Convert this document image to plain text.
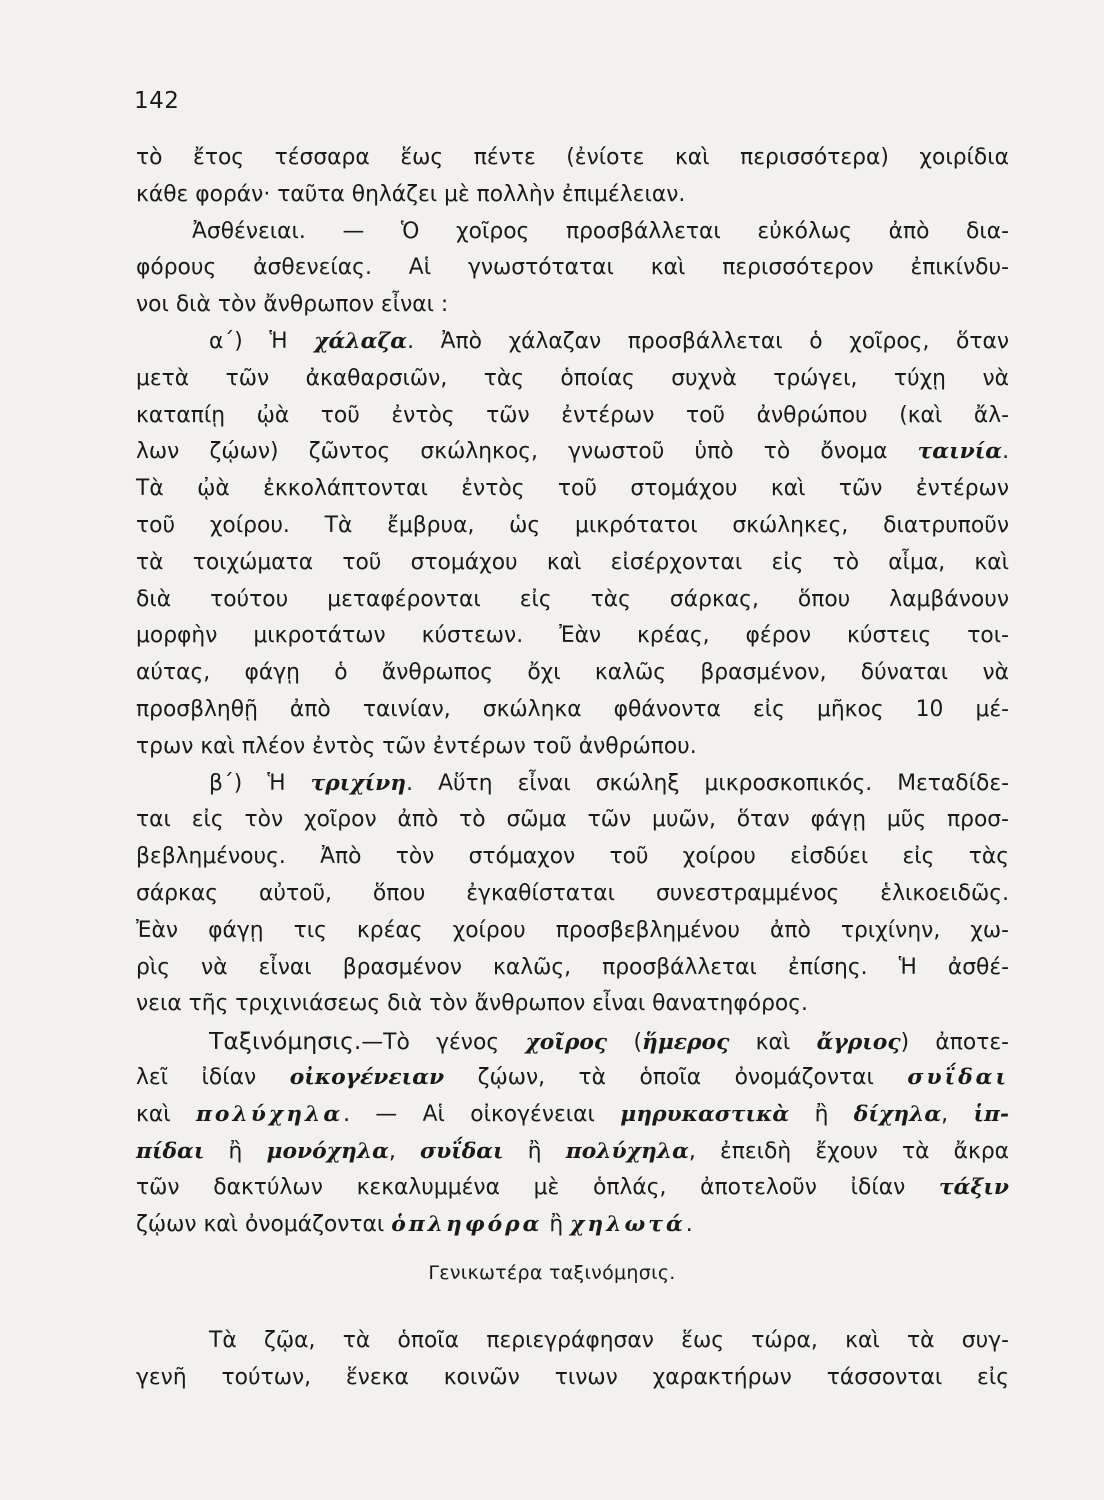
142
τὸ ἔτος τέσσαρα ἕως πέντε (ἐνίοτε καὶ περισσότερα) χοιρίδια
κάθε φοράν· ταῦτα θηλάζει μὲ πολλὴν ἐπιμέλειαν.
Ἀσθένειαι. — Ὁ χοῖρος προσβάλλεται εὐκόλως ἀπὸ δια-
φόρους ἀσθενείας. Αἱ γνωστόταται καὶ περισσότερον ἐπικίνδυ-
νοι διὰ τὸν ἄνθρωπον εἶναι :
α΄) Ἡ χάλαζα. Ἀπὸ χάλαζαν προσβάλλεται ὁ χοῖρος, ὅταν
μετὰ τῶν ἀκαθαρσιῶν, τὰς ὁποίας συχνὰ τρώγει, τύχῃ νὰ
καταπίῃ ᾠὰ τοῦ ἐντὸς τῶν ἐντέρων τοῦ ἀνθρώπου (καὶ ἄλ-
λων ζῴων) ζῶντος σκώληκος, γνωστοῦ ὑπὸ τὸ ὄνομα ταινία.
Τὰ ᾠὰ ἐκκολάπτονται ἐντὸς τοῦ στομάχου καὶ τῶν ἐντέρων
τοῦ χοίρου. Τὰ ἔμβρυα, ὡς μικρότατοι σκώληκες, διατρυποῦν
τὰ τοιχώματα τοῦ στομάχου καὶ εἰσέρχονται εἰς τὸ αἷμα, καὶ
διὰ τούτου μεταφέρονται εἰς τὰς σάρκας, ὅπου λαμβάνουν
μορφὴν μικροτάτων κύστεων. Ἐὰν κρέας, φέρον κύστεις τοι-
αύτας, φάγῃ ὁ ἄνθρωπος ὄχι καλῶς βρασμένον, δύναται νὰ
προσβληθῇ ἀπὸ ταινίαν, σκώληκα φθάνοντα εἰς μῆκος 10 μέ-
τρων καὶ πλέον ἐντὸς τῶν ἐντέρων τοῦ ἀνθρώπου.
β΄) Ἡ τριχίνη. Αὕτη εἶναι σκώληξ μικροσκοπικός. Μεταδίδε-
ται εἰς τὸν χοῖρον ἀπὸ τὸ σῶμα τῶν μυῶν, ὅταν φάγῃ μῦς προσ-
βεβλημένους. Ἀπὸ τὸν στόμαχον τοῦ χοίρου εἰσδύει εἰς τὰς
σάρκας αὐτοῦ, ὅπου ἐγκαθίσταται συνεστραμμένος ἑλικοειδῶς.
Ἐὰν φάγῃ τις κρέας χοίρου προσβεβλημένου ἀπὸ τριχίνην, χω-
ρὶς νὰ εἶναι βρασμένον καλῶς, προσβάλλεται ἐπίσης. Ἡ ἀσθέ-
νεια τῆς τριχινιάσεως διὰ τὸν ἄνθρωπον εἶναι θανατηφόρος.
Ταξινόμησις.—Τὸ γένος χοῖρος (ἥμερος καὶ ἄγριος) ἀποτε-
λεῖ ἰδίαν οἰκογένειαν ζῴων, τὰ ὁποῖα ὀνομάζονται συΐδαι
καὶ πολύχηλα. — Αἱ οἰκογένειαι μηρυκαστικὰ ἢ δίχηλα, ἱπ-
πίδαι ἢ μονόχηλα, συΐδαι ἢ πολύχηλα, ἐπειδὴ ἔχουν τὰ ἄκρα
τῶν δακτύλων κεκαλυμμένα μὲ ὁπλάς, ἀποτελοῦν ἰδίαν τάξιν
ζῴων καὶ ὀνομάζονται ὁπληφόρα ἢ χηλωτά.
Γενικωτέρα ταξινόμησις.
Τὰ ζῷα, τὰ ὁποῖα περιεγράφησαν ἕως τώρα, καὶ τὰ συγ-
γενῆ τούτων, ἕνεκα κοινῶν τινων χαρακτήρων τάσσονται εἰς
